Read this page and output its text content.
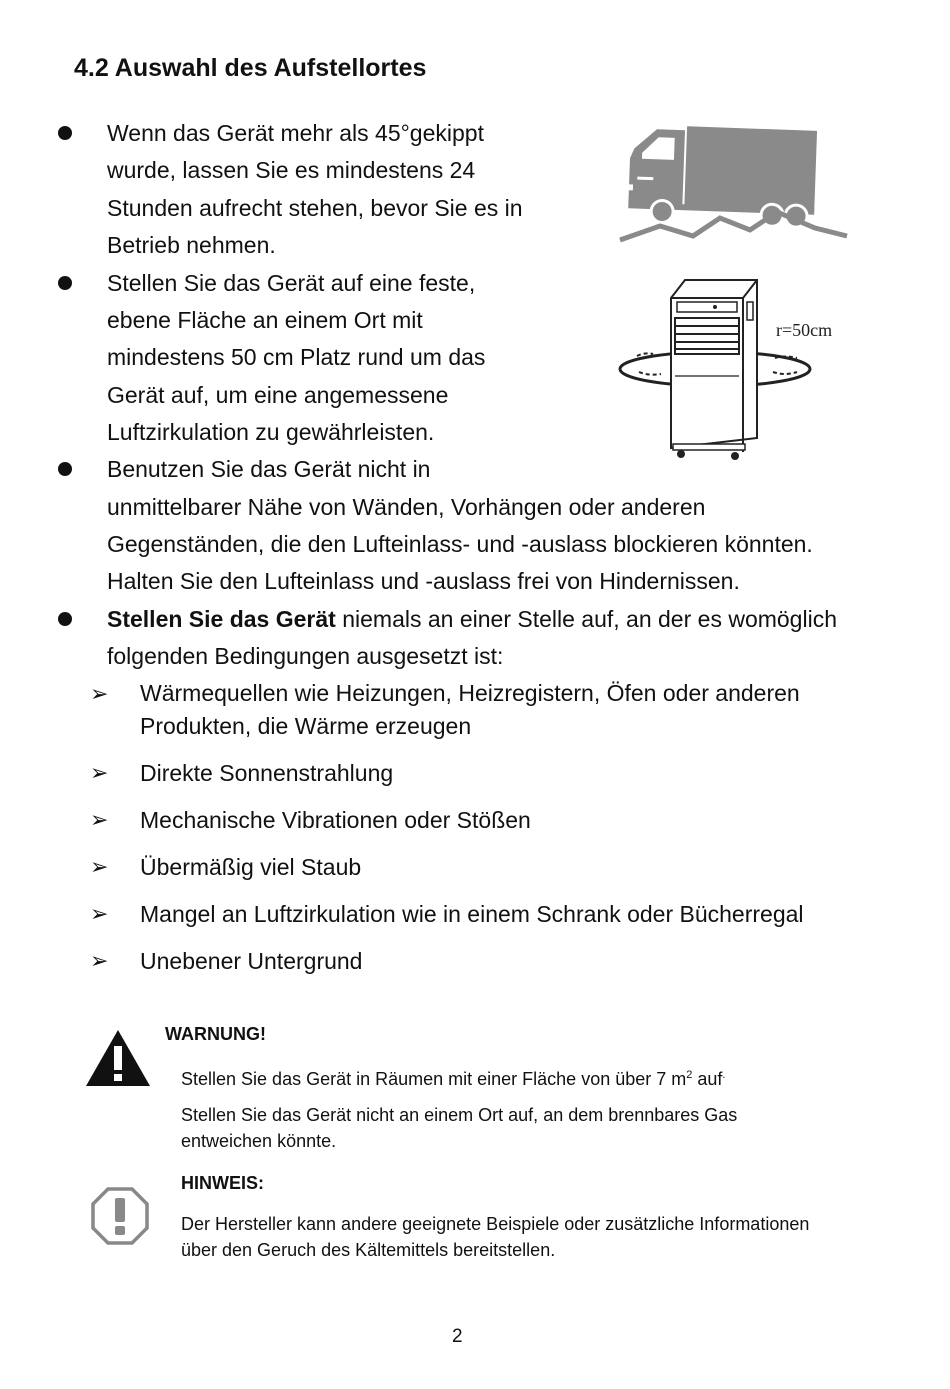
4.2 Auswahl des Aufstellortes
Wenn das Gerät mehr als 45°gekippt
wurde, lassen Sie es mindestens 24
Stunden aufrecht stehen, bevor Sie es in
Betrieb nehmen.
Stellen Sie das Gerät auf eine feste,
ebene Fläche an einem Ort mit
mindestens 50 cm Platz rund um das
Gerät auf, um eine angemessene
Luftzirkulation zu gewährleisten.
Benutzen Sie das Gerät nicht in
unmittelbarer Nähe von Wänden, Vorhängen oder anderen
Gegenständen, die den Lufteinlass- und -auslass blockieren könnten.
Halten Sie den Lufteinlass und -auslass frei von Hindernissen.
Stellen Sie das Gerät niemals an einer Stelle auf, an der es womöglich
folgenden Bedingungen ausgesetzt ist:
➢ Wärmequellen wie Heizungen, Heizregistern, Öfen oder anderen
Produkten, die Wärme erzeugen
➢ Direkte Sonnenstrahlung
➢ Mechanische Vibrationen oder Stößen
➢ Übermäßig viel Staub
➢ Mangel an Luftzirkulation wie in einem Schrank oder Bücherregal
➢ Unebener Untergrund
r=50cm
WARNUNG!
Stellen Sie das Gerät in Räumen mit einer Fläche von über 7 $m^2$ auf.
Stellen Sie das Gerät nicht an einem Ort auf, an dem brennbares Gas
entweichen könnte.
HINWEIS:
Der Hersteller kann andere geeignete Beispiele oder zusätzliche Informationen
über den Geruch des Kältemittels bereitstellen.
2
